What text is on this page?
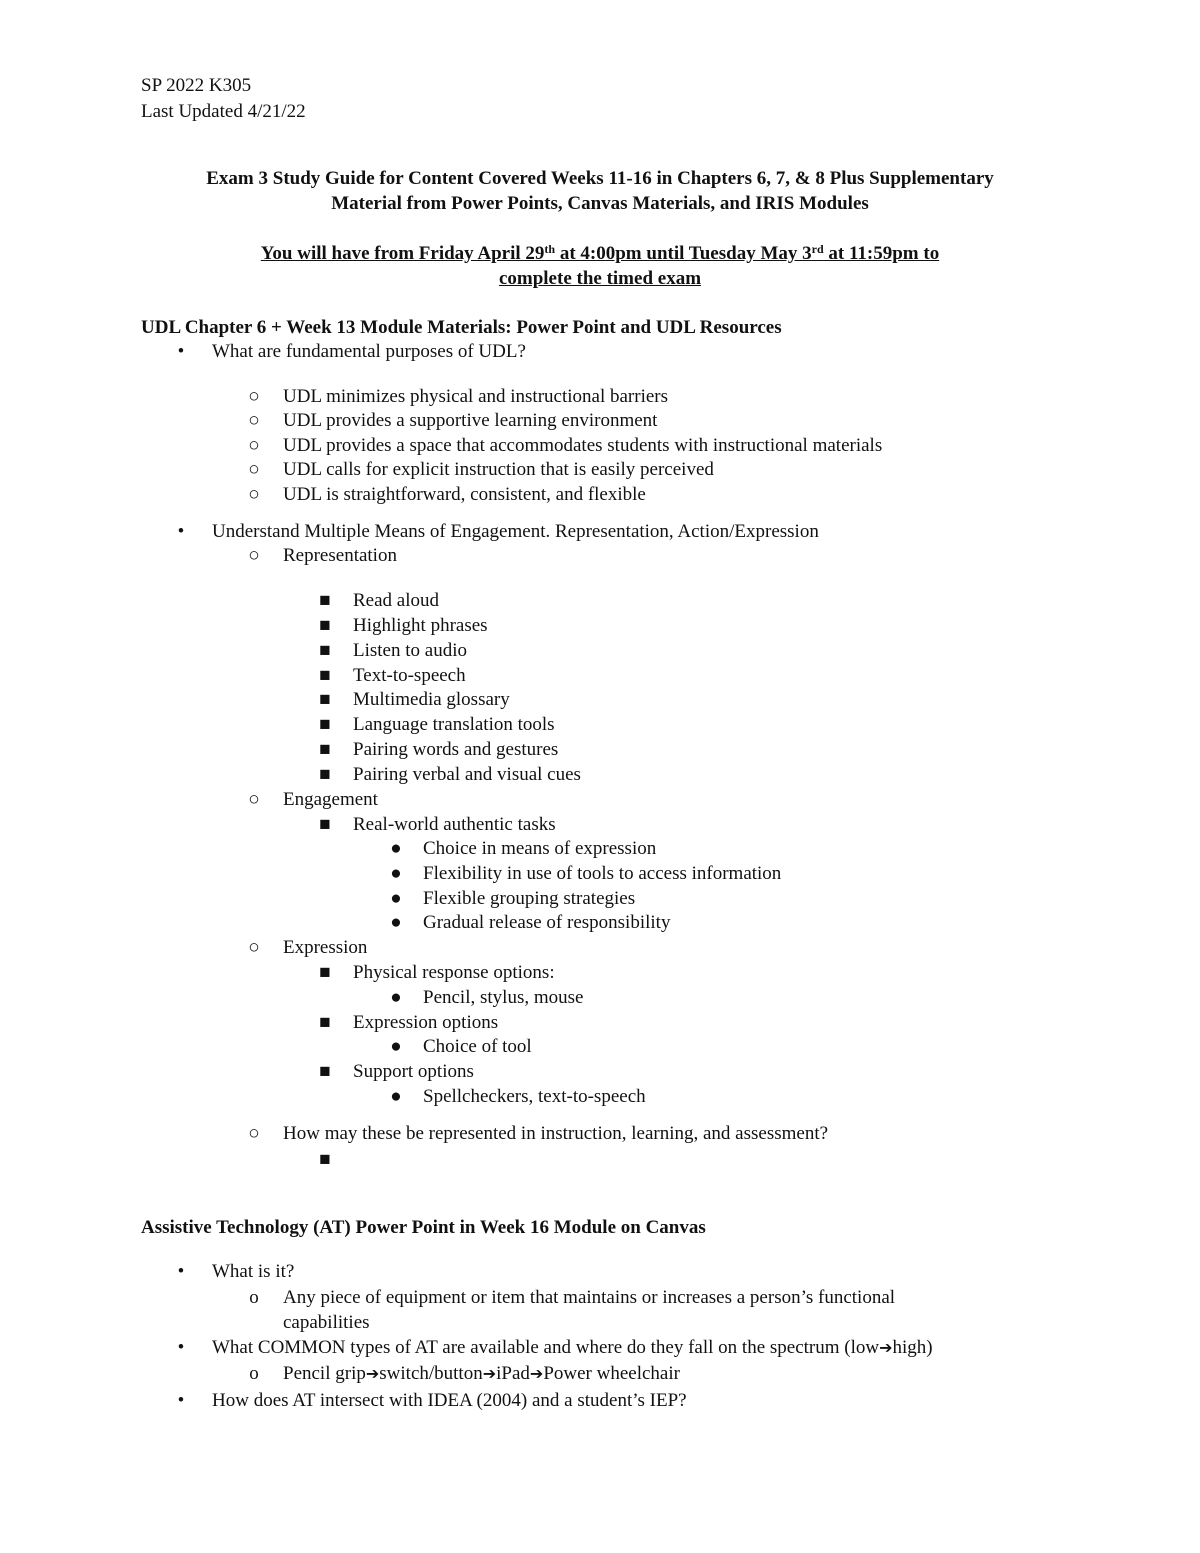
SP 2022 K305
Last Updated 4/21/22
Exam 3 Study Guide for Content Covered Weeks 11-16 in Chapters 6, 7, & 8 Plus Supplementary
Material from Power Points, Canvas Materials, and IRIS Modules
You will have from Friday April 29th at 4:00pm until Tuesday May 3rd at 11:59pm to
complete the timed exam
UDL Chapter 6 + Week 13 Module Materials: Power Point and UDL Resources
•	What are fundamental purposes of UDL?
○	UDL minimizes physical and instructional barriers
○	UDL provides a supportive learning environment
○	UDL provides a space that accommodates students with instructional materials
○	UDL calls for explicit instruction that is easily perceived
○	UDL is straightforward, consistent, and flexible
•	Understand Multiple Means of Engagement. Representation, Action/Expression
○	Representation
■	Read aloud
■	Highlight phrases
■	Listen to audio
■	Text-to-speech
■	Multimedia glossary
■	Language translation tools
■	Pairing words and gestures
■	Pairing verbal and visual cues
○	Engagement
■	Real-world authentic tasks
●	Choice in means of expression
●	Flexibility in use of tools to access information
●	Flexible grouping strategies
●	Gradual release of responsibility
○	Expression
■	Physical response options:
●	Pencil, stylus, mouse
■	Expression options
●	Choice of tool
■	Support options
●	Spellcheckers, text-to-speech
○	How may these be represented in instruction, learning, and assessment?
■
Assistive Technology (AT) Power Point in Week 16 Module on Canvas
•	What is it?
o	Any piece of equipment or item that maintains or increases a person’s functional
capabilities
•	What COMMON types of AT are available and where do they fall on the spectrum (low➔high)
o	Pencil grip➔switch/button➔iPad➔Power wheelchair
•	How does AT intersect with IDEA (2004) and a student’s IEP?
